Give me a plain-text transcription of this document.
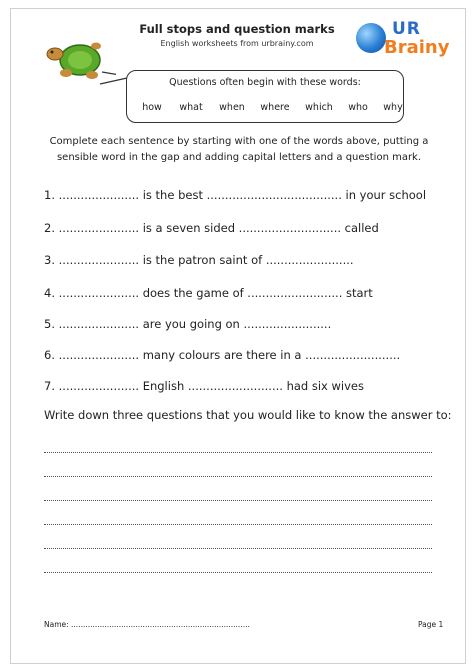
Full stops and question marks
English worksheets from urbrainy.com
UR
Brainy
Questions often begin with these words:
how what when where which who why
Complete each sentence by starting with one of the words above, putting a sensible word in the gap and adding capital letters and a question mark.
1. ...................... is the best ..................................... in your school
2. ...................... is a seven sided ............................ called
3. ...................... is the patron saint of ........................
4. ...................... does the game of .......................... start
5. ...................... are you going on ........................
6. ...................... many colours are there in a ..........................
7. ...................... English .......................... had six wives
Write down three questions that you would like to know the answer to:
Name: ...........................................................................	Page 1
